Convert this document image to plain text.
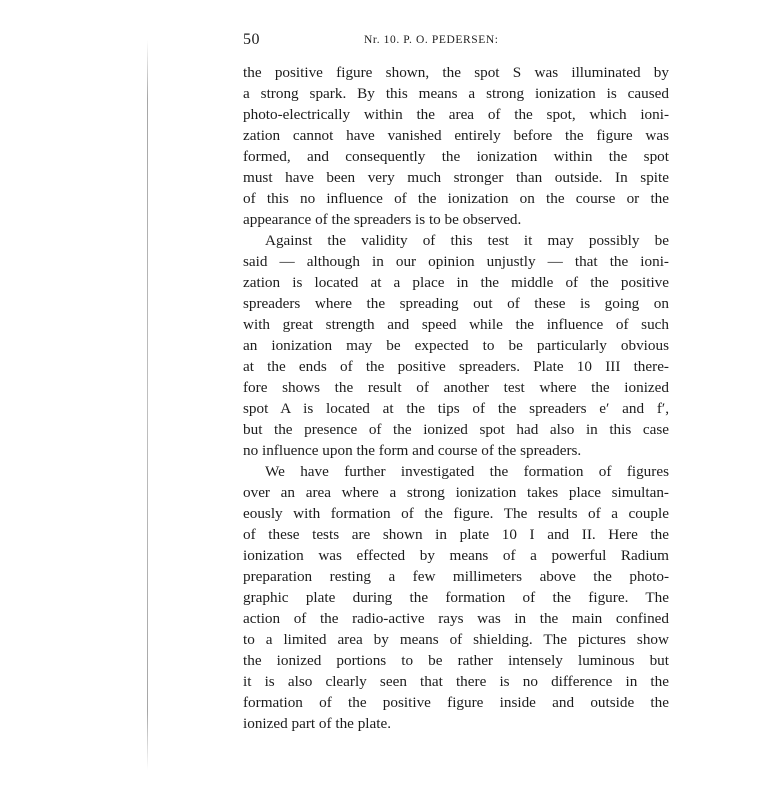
50	Nr. 10. P. O. PEDERSEN:
the positive figure shown, the spot S was illuminated by
a strong spark. By this means a strong ionization is caused
photo-electrically within the area of the spot, which ioni-
zation cannot have vanished entirely before the figure was
formed, and consequently the ionization within the spot
must have been very much stronger than outside. In spite
of this no influence of the ionization on the course or the
appearance of the spreaders is to be observed.
Against the validity of this test it may possibly be
said — although in our opinion unjustly — that the ioni-
zation is located at a place in the middle of the positive
spreaders where the spreading out of these is going on
with great strength and speed while the influence of such
an ionization may be expected to be particularly obvious
at the ends of the positive spreaders. Plate 10 III there-
fore shows the result of another test where the ionized
spot A is located at the tips of the spreaders e′ and f′,
but the presence of the ionized spot had also in this case
no influence upon the form and course of the spreaders.
We have further investigated the formation of figures
over an area where a strong ionization takes place simultan-
eously with formation of the figure. The results of a couple
of these tests are shown in plate 10 I and II. Here the
ionization was effected by means of a powerful Radium
preparation resting a few millimeters above the photo-
graphic plate during the formation of the figure. The
action of the radio-active rays was in the main confined
to a limited area by means of shielding. The pictures show
the ionized portions to be rather intensely luminous but
it is also clearly seen that there is no difference in the
formation of the positive figure inside and outside the
ionized part of the plate.
